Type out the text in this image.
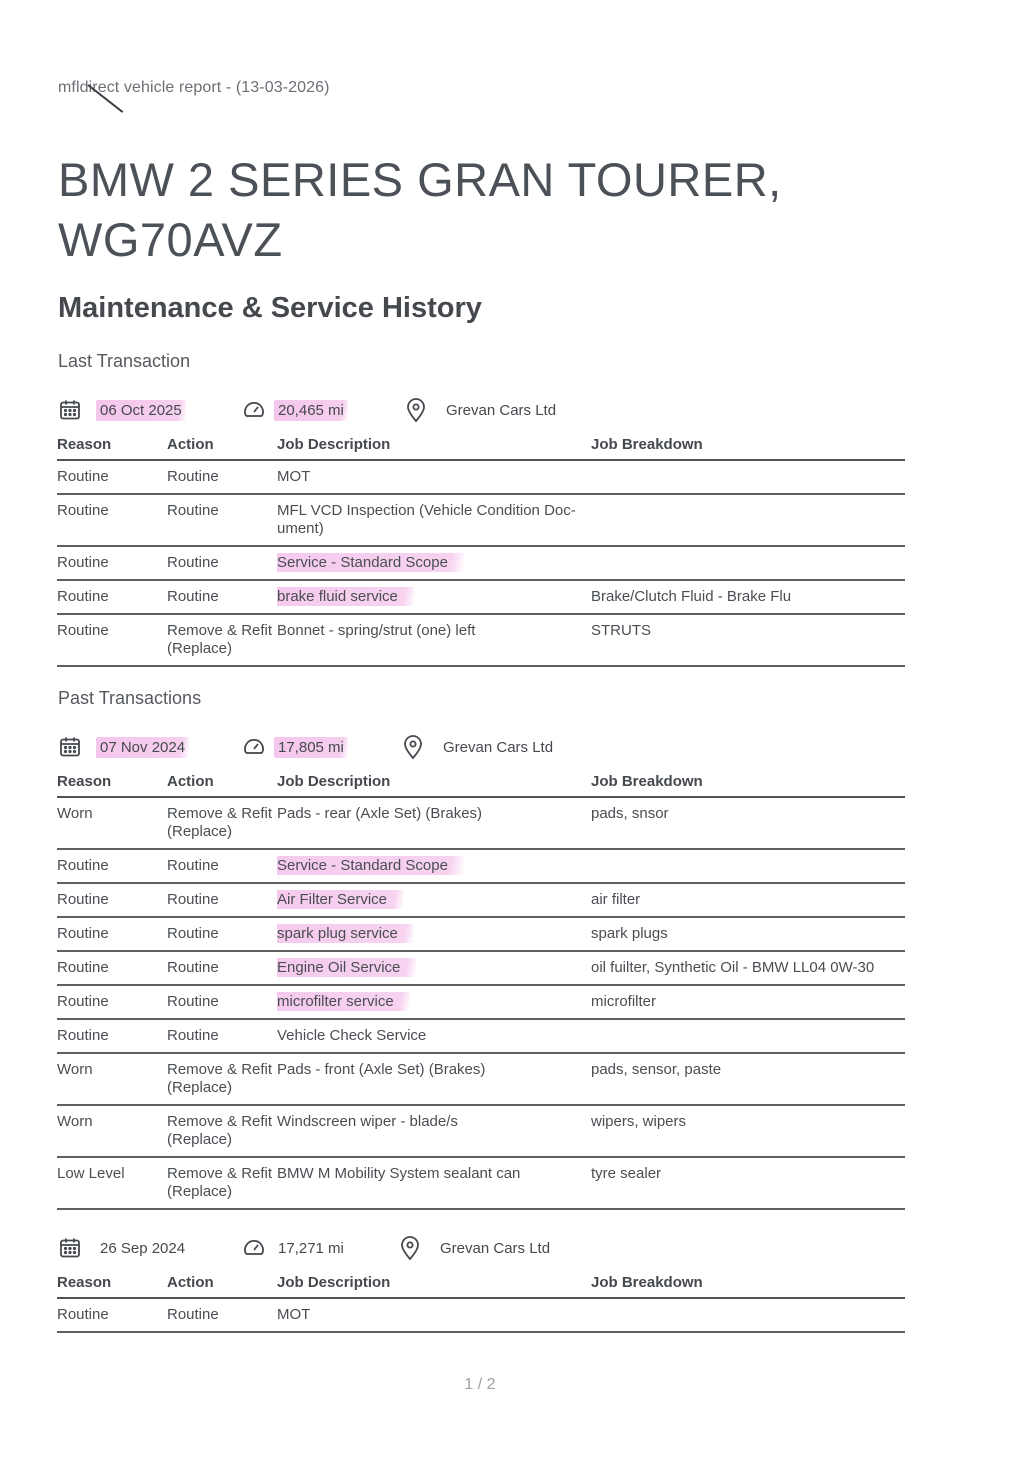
mfldirect vehicle report - (13-03-2026)
BMW 2 SERIES GRAN TOURER, WG70AVZ
Maintenance & Service History
Last Transaction
06 Oct 2025	20,465 mi	Grevan Cars Ltd
Reason	Action	Job Description	Job Breakdown
Routine	Routine	MOT	
Routine	Routine	MFL VCD Inspection (Vehicle Condition Doc-ument)	
Routine	Routine	Service - Standard Scope	
Routine	Routine	brake fluid service	Brake/Clutch Fluid - Brake Flu
Routine	Remove & Refit (Replace)	Bonnet - spring/strut (one) left	STRUTS
Past Transactions
07 Nov 2024	17,805 mi	Grevan Cars Ltd
Reason	Action	Job Description	Job Breakdown
Worn	Remove & Refit (Replace)	Pads - rear (Axle Set) (Brakes)	pads, snsor
Routine	Routine	Service - Standard Scope	
Routine	Routine	Air Filter Service	air filter
Routine	Routine	spark plug service	spark plugs
Routine	Routine	Engine Oil Service	oil fuilter, Synthetic Oil - BMW LL04 0W-30
Routine	Routine	microfilter service	microfilter
Routine	Routine	Vehicle Check Service	
Worn	Remove & Refit (Replace)	Pads - front (Axle Set) (Brakes)	pads, sensor, paste
Worn	Remove & Refit (Replace)	Windscreen wiper - blade/s	wipers, wipers
Low Level	Remove & Refit (Replace)	BMW M Mobility System sealant can	tyre sealer
26 Sep 2024	17,271 mi	Grevan Cars Ltd
Reason	Action	Job Description	Job Breakdown
Routine	Routine	MOT	
1 / 2
